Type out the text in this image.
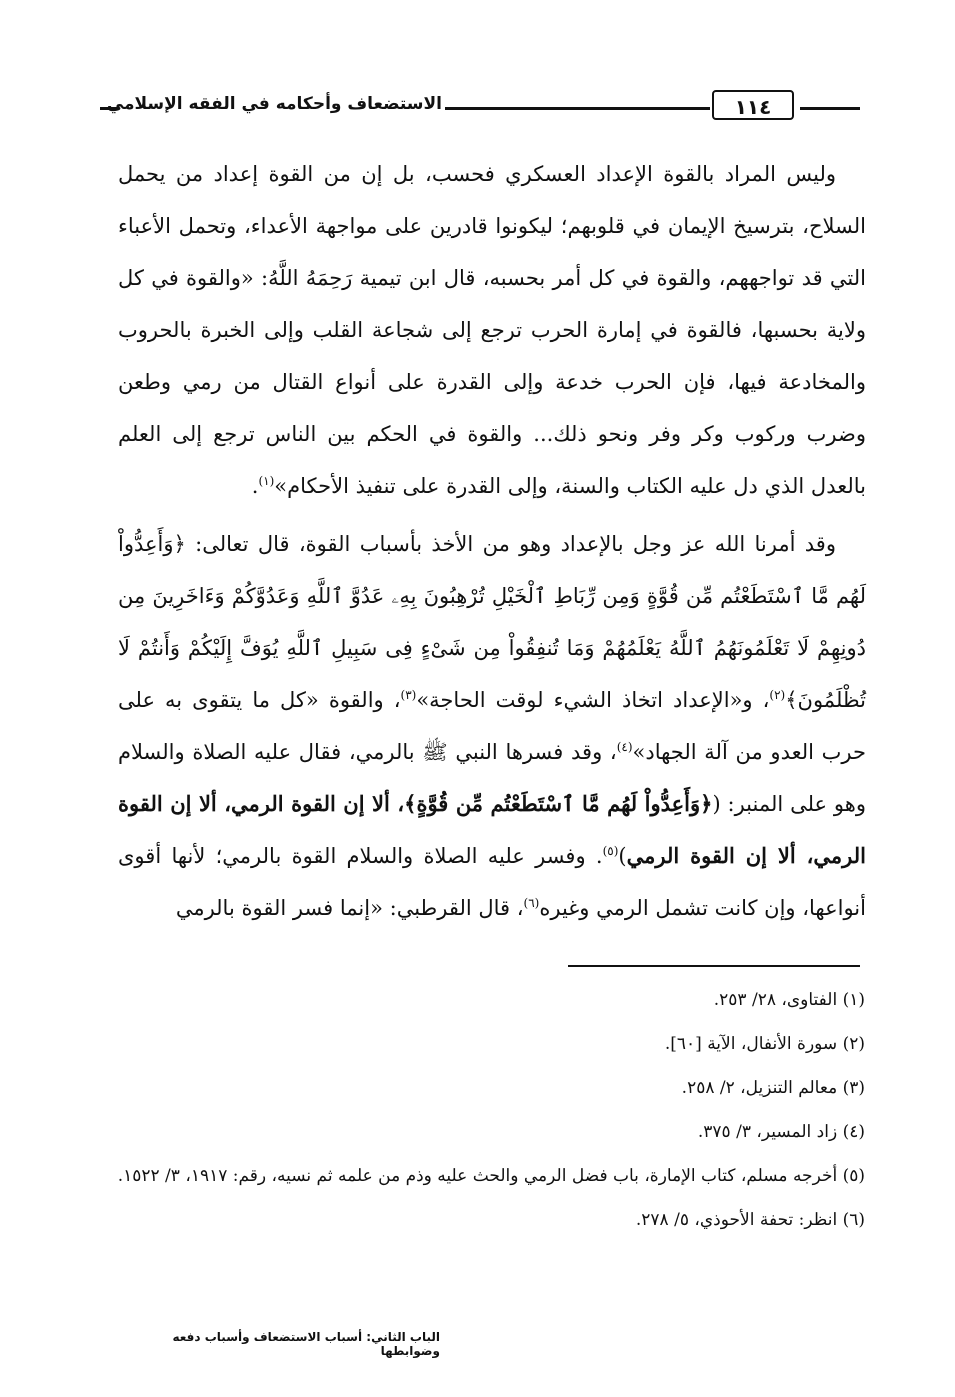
الاستضعاف وأحكامه في الفقه الإسلامي	١١٤

وليس المراد بالقوة الإعداد العسكري فحسب، بل إن من القوة إعداد من يحمل السلاح، بترسيخ الإيمان في قلوبهم؛ ليكونوا قادرين على مواجهة الأعداء، وتحمل الأعباء التي قد تواجههم، والقوة في كل أمر بحسبه، قال ابن تيمية رَحِمَهُ اللَّهُ: «والقوة في كل ولاية بحسبها، فالقوة في إمارة الحرب ترجع إلى شجاعة القلب وإلى الخبرة بالحروب والمخادعة فيها، فإن الحرب خدعة وإلى القدرة على أنواع القتال من رمي وطعن وضرب وركوب وكر وفر ونحو ذلك... والقوة في الحكم بين الناس ترجع إلى العلم بالعدل الذي دل عليه الكتاب والسنة، وإلى القدرة على تنفيذ الأحكام»$^{(١)}$.

وقد أمرنا الله عز وجل بالإعداد وهو من الأخذ بأسباب القوة، قال تعالى: ﴿وَأَعِدُّواْ لَهُم مَّا ٱسْتَطَعْتُم مِّن قُوَّةٍ وَمِن رِّبَاطِ ٱلْخَيْلِ تُرْهِبُونَ بِهِۦ عَدُوَّ ٱللَّهِ وَعَدُوَّكُمْ وَءَاخَرِينَ مِن دُونِهِمْ لَا تَعْلَمُونَهُمُ ٱللَّهُ يَعْلَمُهُمْ وَمَا تُنفِقُواْ مِن شَىْءٍ فِى سَبِيلِ ٱللَّهِ يُوَفَّ إِلَيْكُمْ وَأَنتُمْ لَا تُظْلَمُونَ﴾$^{(٢)}$، و«الإعداد اتخاذ الشيء لوقت الحاجة»$^{(٣)}$، والقوة «كل ما يتقوى به على حرب العدو من آلة الجهاد»$^{(٤)}$، وقد فسرها النبي ﷺ بالرمي، فقال عليه الصلاة والسلام وهو على المنبر: (﴿وَأَعِدُّواْ لَهُم مَّا ٱسْتَطَعْتُم مِّن قُوَّةٍ﴾، ألا إن القوة الرمي، ألا إن القوة الرمي، ألا إن القوة الرمي)$^{(٥)}$. وفسر عليه الصلاة والسلام القوة بالرمي؛ لأنها أقوى أنواعها، وإن كانت تشمل الرمي وغيره$^{(٦)}$، قال القرطبي: «إنما فسر القوة بالرمي

(١) الفتاوى، ٢٨/ ٢٥٣.
(٢) سورة الأنفال، الآية [٦٠].
(٣) معالم التنزيل، ٢/ ٢٥٨.
(٤) زاد المسير، ٣/ ٣٧٥.
(٥) أخرجه مسلم، كتاب الإمارة، باب فضل الرمي والحث عليه وذم من علمه ثم نسيه، رقم: ١٩١٧، ٣/ ١٥٢٢.
(٦) انظر: تحفة الأحوذي، ٥/ ٢٧٨.
الباب الثاني: أسباب الاستضعاف وأسباب دفعه وضوابطها
